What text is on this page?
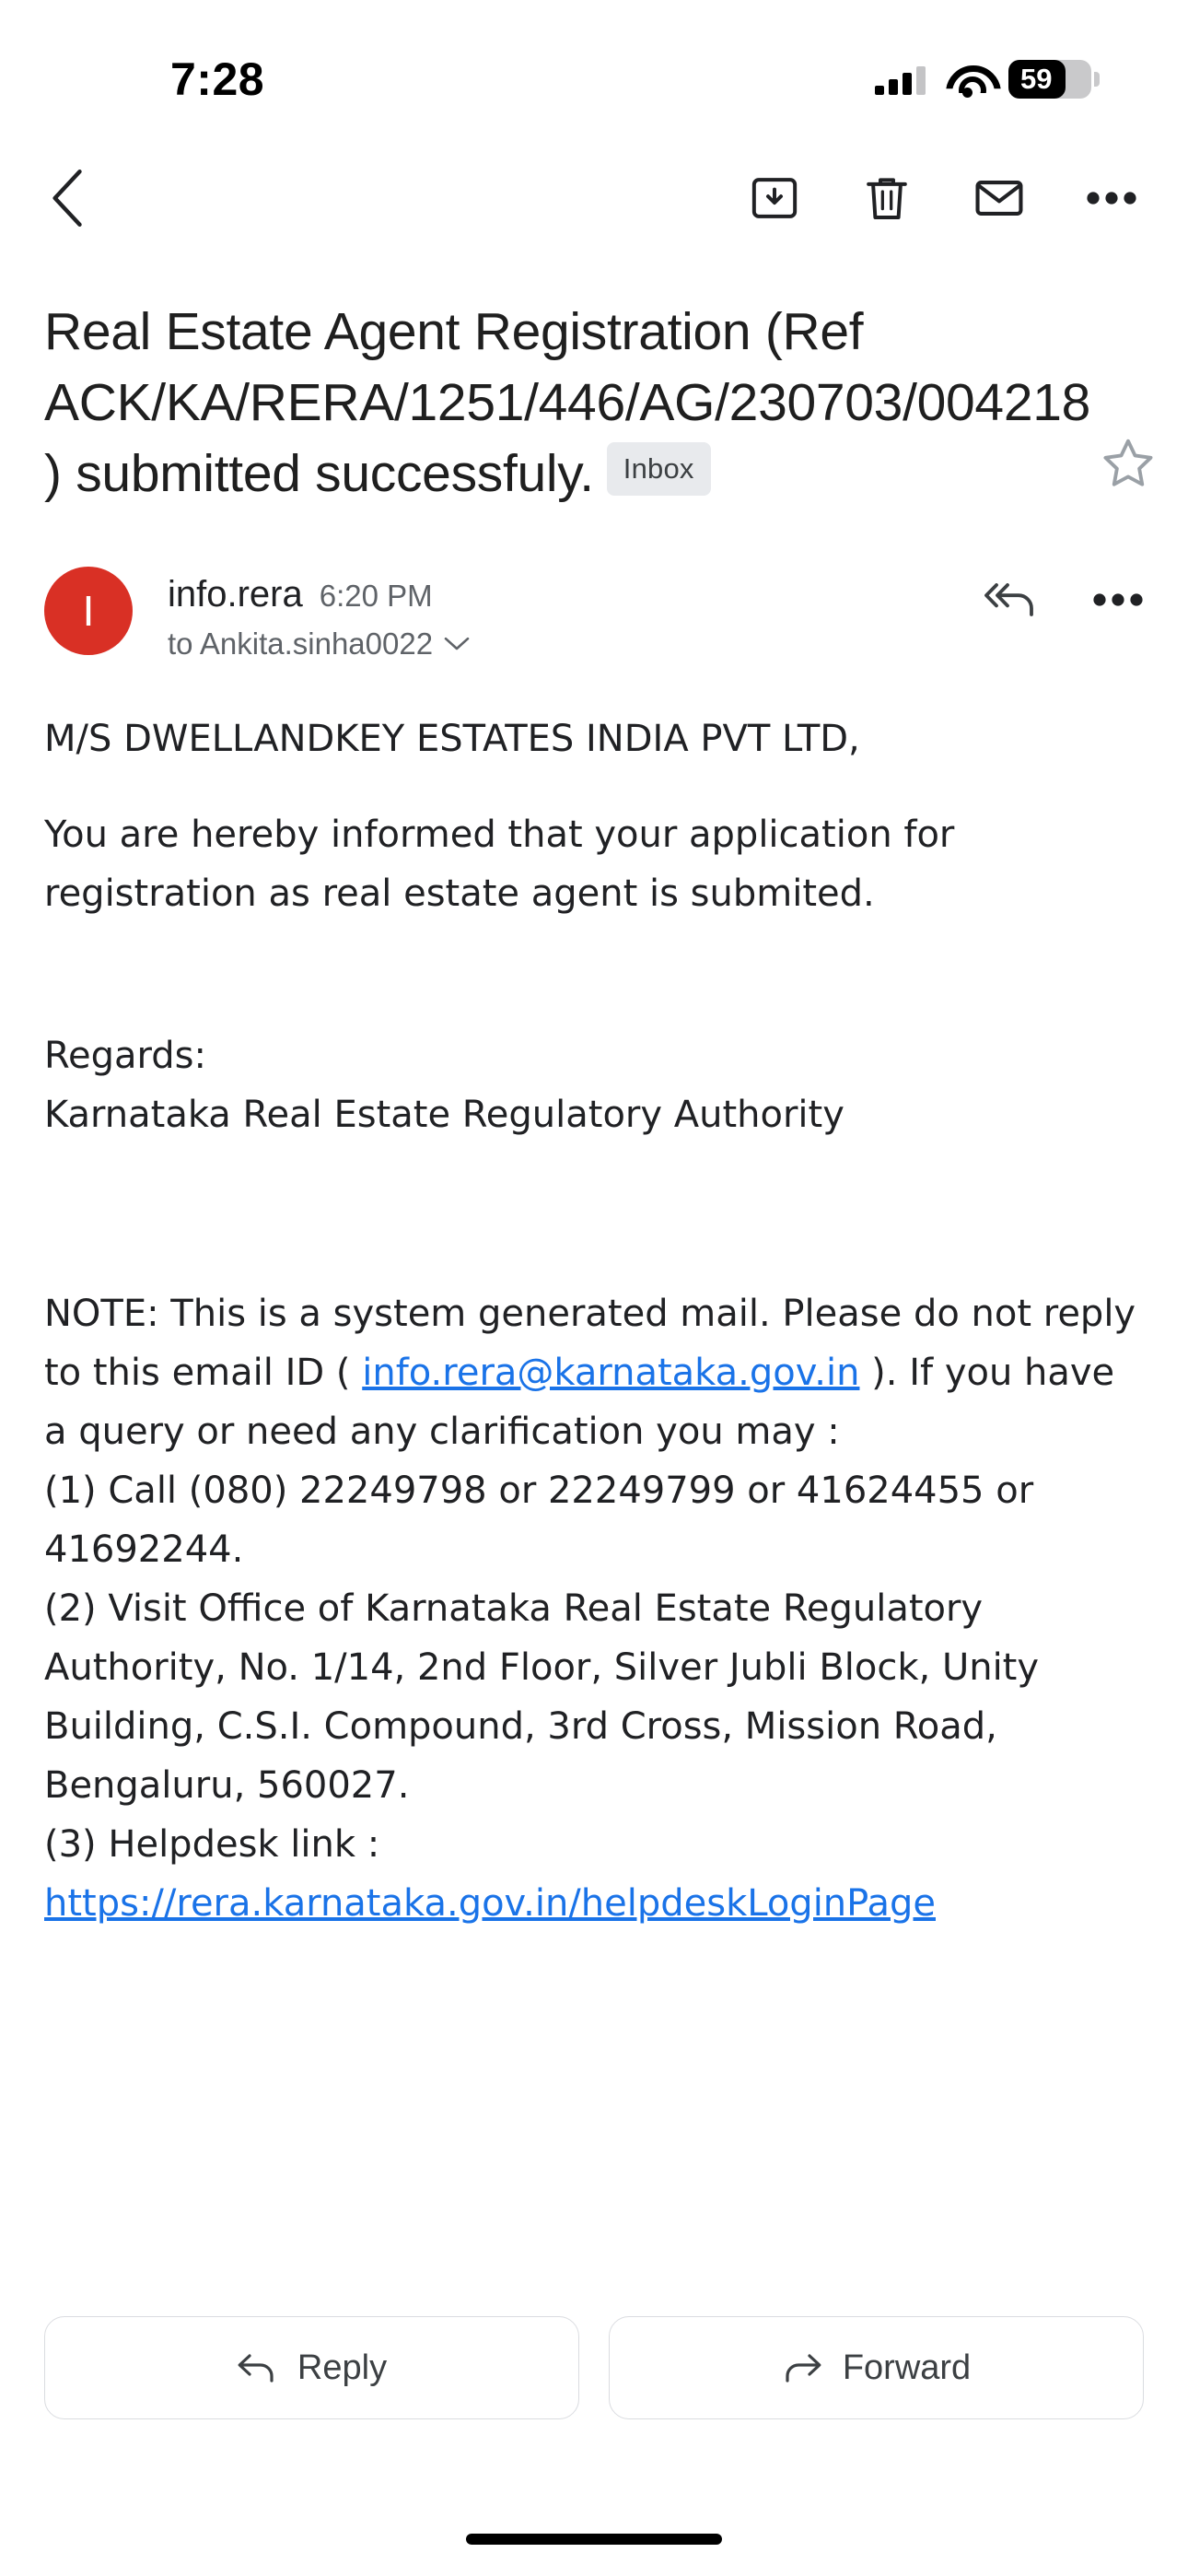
7:28	59
Real Estate Agent Registration (Ref ACK/KA/RERA/1251/446/AG/230703/004218 ) submitted successfuly. Inbox
I	info.rera 6:20 PM
to Ankita.sinha0022

M/S DWELLANDKEY ESTATES INDIA PVT LTD,

You are hereby informed that your application for registration as real estate agent is submited.

Regards:

Karnataka Real Estate Regulatory Authority

NOTE: This is a system generated mail. Please do not reply to this email ID ( info.rera@karnataka.gov.in ). If you have a query or need any clarification you may :

(1) Call (080) 22249798 or 22249799 or 41624455 or 41692244.

(2) Visit Office of Karnataka Real Estate Regulatory Authority, No. 1/14, 2nd Floor, Silver Jubli Block, Unity Building, C.S.I. Compound, 3rd Cross, Mission Road, Bengaluru, 560027.

(3) Helpdesk link : https://rera.karnataka.gov.in/helpdeskLoginPage

Reply	Forward
